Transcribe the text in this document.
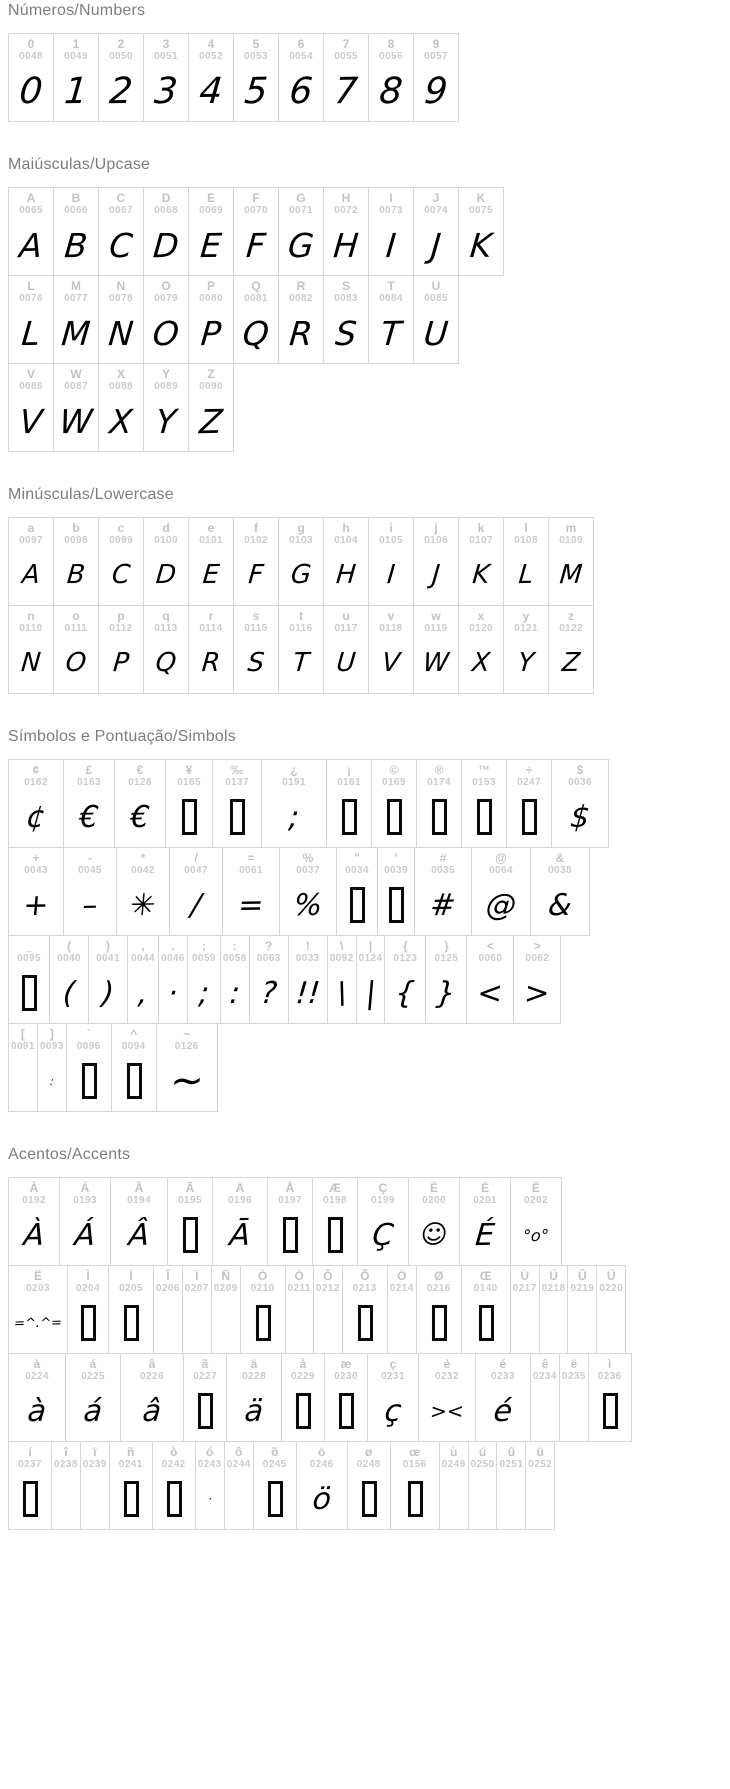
Números/Numbers
0
0048
0
1
0049
1
2
0050
2
3
0051
3
4
0052
4
5
0053
5
6
0054
6
7
0055
7
8
0056
8
9
0057
9
Maiúsculas/Upcase
A
0065
A
B
0066
B
C
0067
C
D
0068
D
E
0069
E
F
0070
F
G
0071
G
H
0072
H
I
0073
I
J
0074
J
K
0075
K
L
0076
L
M
0077
M
N
0078
N
O
0079
O
P
0080
P
Q
0081
Q
R
0082
R
S
0083
S
T
0084
T
U
0085
U
V
0086
V
W
0087
W
X
0088
X
Y
0089
Y
Z
0090
Z
Minúsculas/Lowercase
a
0097
A
b
0098
B
c
0099
C
d
0100
D
e
0101
E
f
0102
F
g
0103
G
h
0104
H
i
0105
I
j
0106
J
k
0107
K
l
0108
L
m
0109
M
n
0110
N
o
0111
O
p
0112
P
q
0113
Q
r
0114
R
s
0115
S
t
0116
T
u
0117
U
v
0118
V
w
0119
W
x
0120
X
y
0121
Y
z
0122
Z
Símbolos e Pontuação/Simbols
¢
0162
¢
£
0163
€
€
0128
€
¥
0165
‰
0137
¿
0191
;
¡
0161
©
0169
®
0174
™
0153
÷
0247
$
0036
$
+
0043
+
-
0045
–
*
0042
✳
/
0047
/
=
0061
=
%
0037
%
"
0034
'
0039
#
0035
#
@
0064
@
&
0038
&
_
0095
(
0040
(
)
0041
)
,
0044
,
.
0046
·
;
0059
;
:
0058
:
?
0063
?
!
0033
!!
\
0092
\
|
0124
|
{
0123
{
}
0125
}
<
0060
<
>
0062
>
[
0091
]
0093
:
`
0096
^
0094
~
0126
~
Acentos/Accents
À
0192
À
Á
0193
Á
Â
0194
Â
Ã
0195
Ä
0196
Ā
Å
0197
Æ
0198
Ç
0199
Ç
È
0200
☺
É
0201
É
Ê
0202
°o°
Ë
0203
=^.^=
Ì
0204
Í
0205
Î
0206
Ï
0207
Ñ
0209
Ò
0210
Ó
0211
Ô
0212
Õ
0213
Ö
0214
Ø
0216
Œ
0140
Ù
0217
Ú
0218
Û
0219
Ü
0220
à
0224
à
á
0225
á
â
0226
â
ã
0227
ä
0228
ä
å
0229
æ
0230
ç
0231
ç
è
0232
><
é
0233
é
ê
0234
ë
0235
ì
0236
í
0237
î
0238
ï
0239
ñ
0241
ò
0242
ó
0243
·
ô
0244
õ
0245
ö
0246
ö
ø
0248
œ
0156
ù
0249
ú
0250
û
0251
ü
0252
